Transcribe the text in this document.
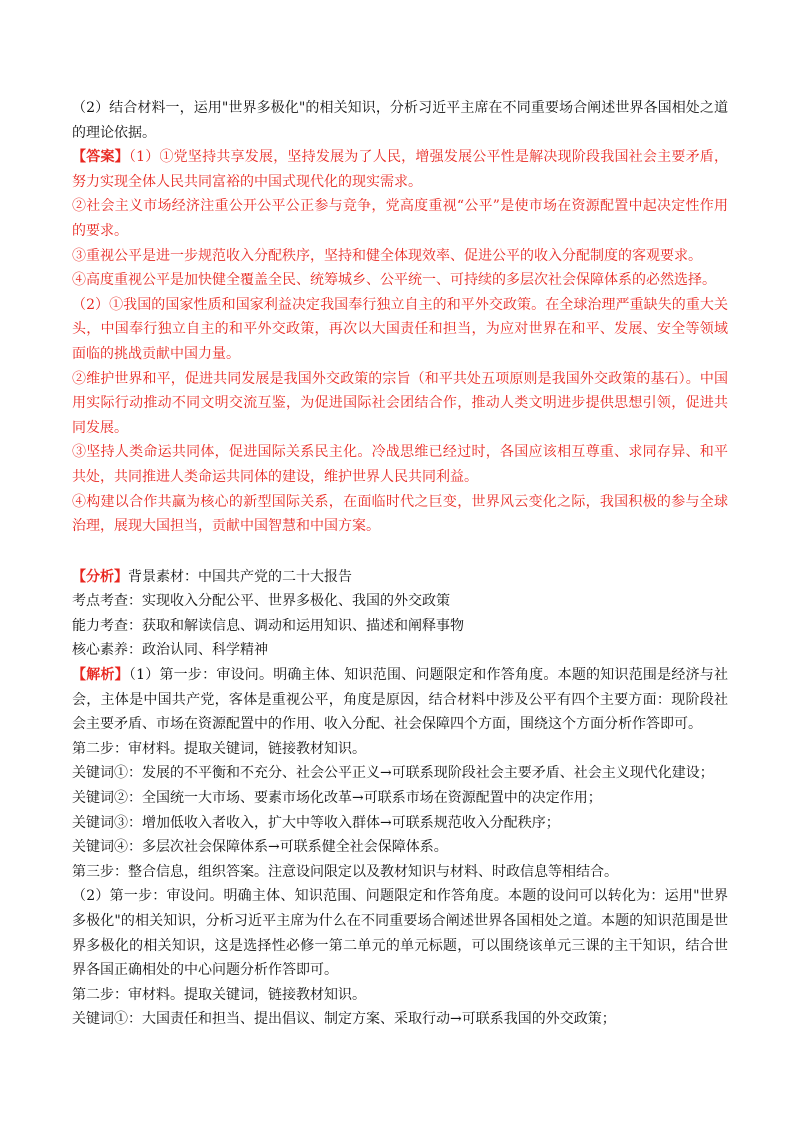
（2）结合材料一，运用"世界多极化"的相关知识，分析习近平主席在不同重要场合阐述世界各国相处之道的理论依据。

【答案】（1）①党坚持共享发展，坚持发展为了人民，增强发展公平性是解决现阶段我国社会主要矛盾，努力实现全体人民共同富裕的中国式现代化的现实需求。

②社会主义市场经济注重公开公平公正参与竞争，党高度重视“公平”是使市场在资源配置中起决定性作用的要求。

③重视公平是进一步规范收入分配秩序，坚持和健全体现效率、促进公平的收入分配制度的客观要求。

④高度重视公平是加快健全覆盖全民、统筹城乡、公平统一、可持续的多层次社会保障体系的必然选择。

（2）①我国的国家性质和国家利益决定我国奉行独立自主的和平外交政策。在全球治理严重缺失的重大关头，中国奉行独立自主的和平外交政策，再次以大国责任和担当，为应对世界在和平、发展、安全等领域面临的挑战贡献中国力量。

②维护世界和平，促进共同发展是我国外交政策的宗旨（和平共处五项原则是我国外交政策的基石）。中国用实际行动推动不同文明交流互鉴，为促进国际社会团结合作，推动人类文明进步提供思想引领，促进共同发展。

③坚持人类命运共同体，促进国际关系民主化。冷战思维已经过时，各国应该相互尊重、求同存异、和平共处，共同推进人类命运共同体的建设，维护世界人民共同利益。

④构建以合作共赢为核心的新型国际关系，在面临时代之巨变，世界风云变化之际，我国积极的参与全球治理，展现大国担当，贡献中国智慧和中国方案。

【分析】背景素材：中国共产党的二十大报告

考点考查：实现收入分配公平、世界多极化、我国的外交政策

能力考查：获取和解读信息、调动和运用知识、描述和阐释事物

核心素养：政治认同、科学精神

【解析】（1）第一步：审设问。明确主体、知识范围、问题限定和作答角度。本题的知识范围是经济与社会，主体是中国共产党，客体是重视公平，角度是原因，结合材料中涉及公平有四个主要方面：现阶段社会主要矛盾、市场在资源配置中的作用、收入分配、社会保障四个方面，围绕这个方面分析作答即可。

第二步：审材料。提取关键词，链接教材知识。

关键词①：发展的不平衡和不充分、社会公平正义→可联系现阶段社会主要矛盾、社会主义现代化建设；

关键词②：全国统一大市场、要素市场化改革→可联系市场在资源配置中的决定作用；

关键词③：增加低收入者收入，扩大中等收入群体→可联系规范收入分配秩序；

关键词④：多层次社会保障体系→可联系健全社会保障体系。

第三步：整合信息，组织答案。注意设问限定以及教材知识与材料、时政信息等相结合。

（2）第一步：审设问。明确主体、知识范围、问题限定和作答角度。本题的设问可以转化为：运用"世界多极化"的相关知识，分析习近平主席为什么在不同重要场合阐述世界各国相处之道。本题的知识范围是世界多极化的相关知识，这是选择性必修一第二单元的单元标题，可以围绕该单元三课的主干知识，结合世界各国正确相处的中心问题分析作答即可。

第二步：审材料。提取关键词，链接教材知识。

关键词①：大国责任和担当、提出倡议、制定方案、采取行动→可联系我国的外交政策；
